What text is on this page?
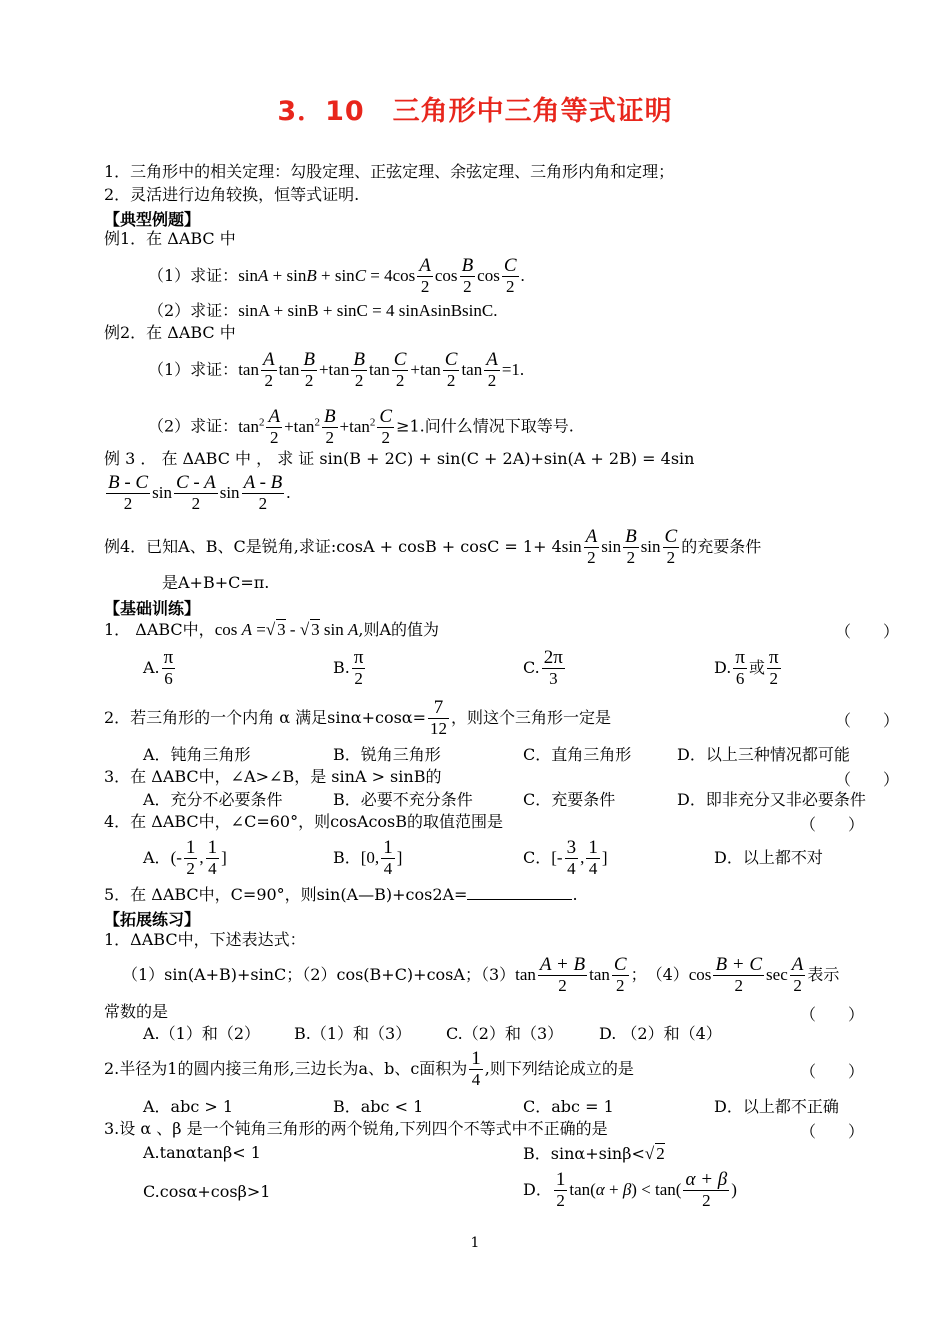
3．10　三角形中三角等式证明
1．三角形中的相关定理：勾股定理、正弦定理、余弦定理、三角形内角和定理；
2．灵活进行边角较换，恒等式证明.
【典型例题】
例1．在 ΔABC 中
（1）求证：$\sin A + \sin B + \sin C = 4\cos \frac{A}{2}$ $\cos \frac{B}{2}$ $\cos \frac{C}{2}$ .
（2）求证：sinA + sinB + sinC = 4 sinAsinBsinC.
例2．在 ΔABC 中
（1）求证：$\tan \frac{A}{2}$ $\tan \frac{B}{2} +\tan \frac{B}{2}$ $\tan \frac{C}{2} +\tan \frac{C}{2}$ $\tan \frac{A}{2} =1$.
（2）求证：$\tan^2 \frac{A}{2} +\tan^2 \frac{B}{2} +\tan^2 \frac{C}{2} \ge 1$.问什么情况下取等号.
例 3 ． 在 ΔABC 中 ， 求 证 sin(B + 2C) + sin(C + 2A)+sin(A + 2B) = 4sin
$\frac{B - C}{2}$ $\sin \frac{C - A}{2}$ $\sin \frac{A - B}{2}$ .
例4．已知A、B、C是锐角,求证:cosA + $\cos B + \cos C = 1+ 4\sin \frac{A}{2}$ $\sin \frac{B}{2}$ $\sin \frac{C}{2}$ 的充要条件
是A+B+C=π.
【基础训练】
1． ΔABC中，cos A =√ 3 - √ 3 sin A,则A的值为	（　　）
A. $\frac{\pi}{6}$	B. $\frac{\pi}{2}$	C. $\frac{2\pi}{3}$	D. $\frac{\pi}{6}$ 或 $\frac{\pi}{2}$
2．若三角形的一个内角 α 满足$\sin\alpha+\cos\alpha= \frac{7}{12}$ ，则这个三角形一定是	（　　）
A．钝角三角形	B．锐角三角形	C．直角三角形	D．以上三种情况都可能
3．在 ΔABC中，∠A>∠B，是 sinA > sinB的	（　　）
A．充分不必要条件	B．必要不充分条件	C．充要条件	D．即非充分又非必要条件
4．在 ΔABC中，∠C=60°，则cosAcosB的取值范围是	（　　）
A．(- $\frac{1}{2}$ , $\frac{1}{4}$ ]	B．[0, $\frac{1}{4}$ ]	C．[- $\frac{3}{4}$ , $\frac{1}{4}$ ]	D．以上都不对
5．在 ΔABC中，C=90°，则sin(A—B)+cos2A=	.
【拓展练习】
1．ΔABC中，下述表达式：
（1）sin(A+B)+sinC；（2）cos(B+C)+cosA；$(3)\tan \frac{A + B}{2}$ $\tan \frac{C}{2}$ ；　$(4)\cos \frac{B + C}{2}$ $\sec \frac{A}{2}$ 表示
常数的是	（　　）
A.（1）和（2） B.（1）和（3） C.（2）和（3） D. （2）和（4）
2.半径为1的圆内接三角形,三边长为a、b、c面积为 $\frac{1}{4}$ ,则下列结论成立的是	（　　）
A．abc > 1	B．abc < 1	C．abc = 1	D．以上都不正确
3.设 α 、β 是一个钝角三角形的两个锐角,下列四个不等式中不正确的是	（　　）
A.tanαtanβ< 1	B．sinα+sinβ<√ 2
C.cosα+cosβ>1	D． $\frac{1}{2} \tan(\alpha + \beta) < \tan( \frac{\alpha + \beta}{2}$ )
1
